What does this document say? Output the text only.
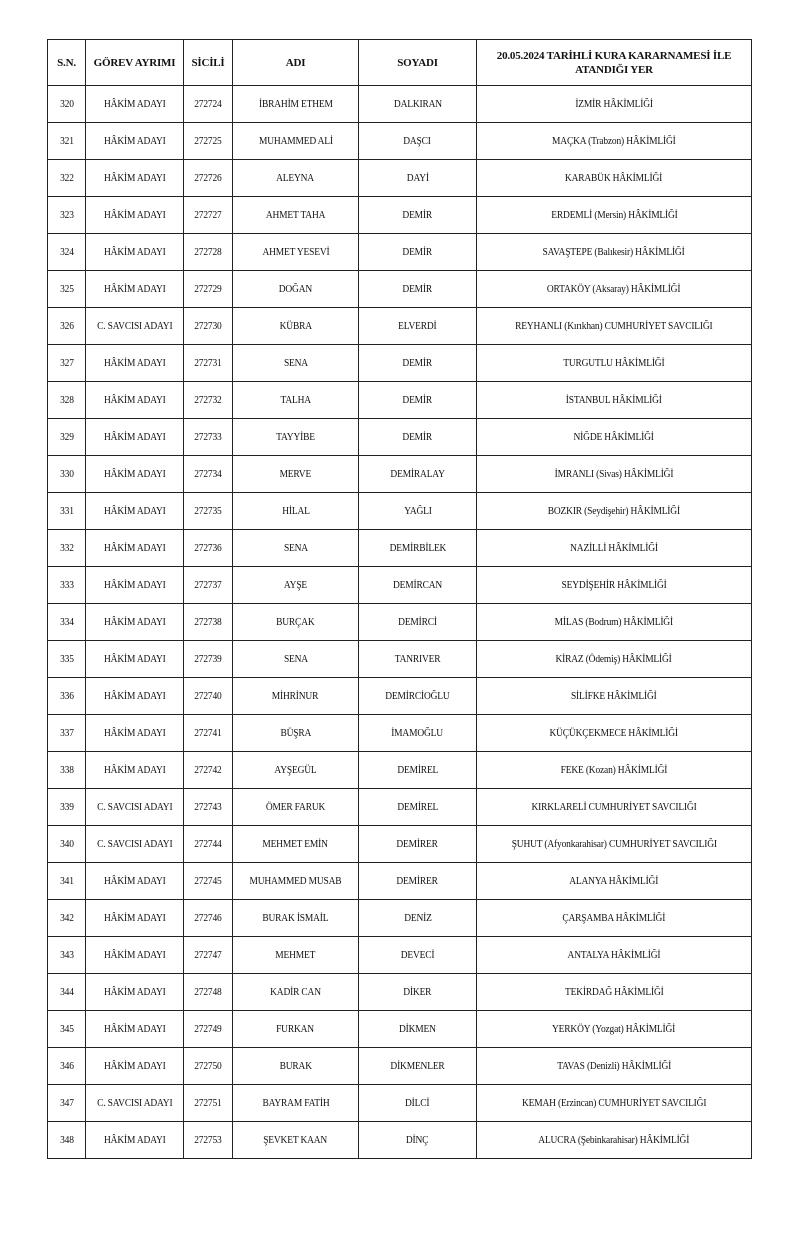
S.N.	GÖREV AYRIMI	SİCİLİ	ADI	SOYADI	20.05.2024 TARİHLİ KURA KARARNAMESİ İLE ATANDIĞI YER
320	HÂKİM ADAYI	272724	İBRAHİM ETHEM	DALKIRAN	İZMİR HÂKİMLİĞİ
321	HÂKİM ADAYI	272725	MUHAMMED ALİ	DAŞCI	MAÇKA (Trabzon) HÂKİMLİĞİ
322	HÂKİM ADAYI	272726	ALEYNA	DAYİ	KARABÜK HÂKİMLİĞİ
323	HÂKİM ADAYI	272727	AHMET TAHA	DEMİR	ERDEMLİ (Mersin) HÂKİMLİĞİ
324	HÂKİM ADAYI	272728	AHMET YESEVİ	DEMİR	SAVAŞTEPE (Balıkesir) HÂKİMLİĞİ
325	HÂKİM ADAYI	272729	DOĞAN	DEMİR	ORTAKÖY (Aksaray) HÂKİMLİĞİ
326	C. SAVCISI ADAYI	272730	KÜBRA	ELVERDİ	REYHANLI (Kırıkhan) CUMHURİYET SAVCILIĞI
327	HÂKİM ADAYI	272731	SENA	DEMİR	TURGUTLU HÂKİMLİĞİ
328	HÂKİM ADAYI	272732	TALHA	DEMİR	İSTANBUL HÂKİMLİĞİ
329	HÂKİM ADAYI	272733	TAYYİBE	DEMİR	NİĞDE HÂKİMLİĞİ
330	HÂKİM ADAYI	272734	MERVE	DEMİRALAY	İMRANLI (Sivas) HÂKİMLİĞİ
331	HÂKİM ADAYI	272735	HİLAL	YAĞLI	BOZKIR (Seydişehir) HÂKİMLİĞİ
332	HÂKİM ADAYI	272736	SENA	DEMİRBİLEK	NAZİLLİ HÂKİMLİĞİ
333	HÂKİM ADAYI	272737	AYŞE	DEMİRCAN	SEYDİŞEHİR HÂKİMLİĞİ
334	HÂKİM ADAYI	272738	BURÇAK	DEMİRCİ	MİLAS (Bodrum) HÂKİMLİĞİ
335	HÂKİM ADAYI	272739	SENA	TANRIVER	KİRAZ (Ödemiş) HÂKİMLİĞİ
336	HÂKİM ADAYI	272740	MİHRİNUR	DEMİRCİOĞLU	SİLİFKE HÂKİMLİĞİ
337	HÂKİM ADAYI	272741	BÜŞRA	İMAMOĞLU	KÜÇÜKÇEKMECE HÂKİMLİĞİ
338	HÂKİM ADAYI	272742	AYŞEGÜL	DEMİREL	FEKE (Kozan) HÂKİMLİĞİ
339	C. SAVCISI ADAYI	272743	ÖMER FARUK	DEMİREL	KIRKLARELİ CUMHURİYET SAVCILIĞI
340	C. SAVCISI ADAYI	272744	MEHMET EMİN	DEMİRER	ŞUHUT (Afyonkarahisar) CUMHURİYET SAVCILIĞI
341	HÂKİM ADAYI	272745	MUHAMMED MUSAB	DEMİRER	ALANYA HÂKİMLİĞİ
342	HÂKİM ADAYI	272746	BURAK İSMAİL	DENİZ	ÇARŞAMBA HÂKİMLİĞİ
343	HÂKİM ADAYI	272747	MEHMET	DEVECİ	ANTALYA HÂKİMLİĞİ
344	HÂKİM ADAYI	272748	KADİR CAN	DİKER	TEKİRDAĞ HÂKİMLİĞİ
345	HÂKİM ADAYI	272749	FURKAN	DİKMEN	YERKÖY (Yozgat) HÂKİMLİĞİ
346	HÂKİM ADAYI	272750	BURAK	DİKMENLER	TAVAS (Denizli) HÂKİMLİĞİ
347	C. SAVCISI ADAYI	272751	BAYRAM FATİH	DİLCİ	KEMAH (Erzincan) CUMHURİYET SAVCILIĞI
348	HÂKİM ADAYI	272753	ŞEVKET KAAN	DİNÇ	ALUCRA (Şebinkarahisar) HÂKİMLİĞİ
